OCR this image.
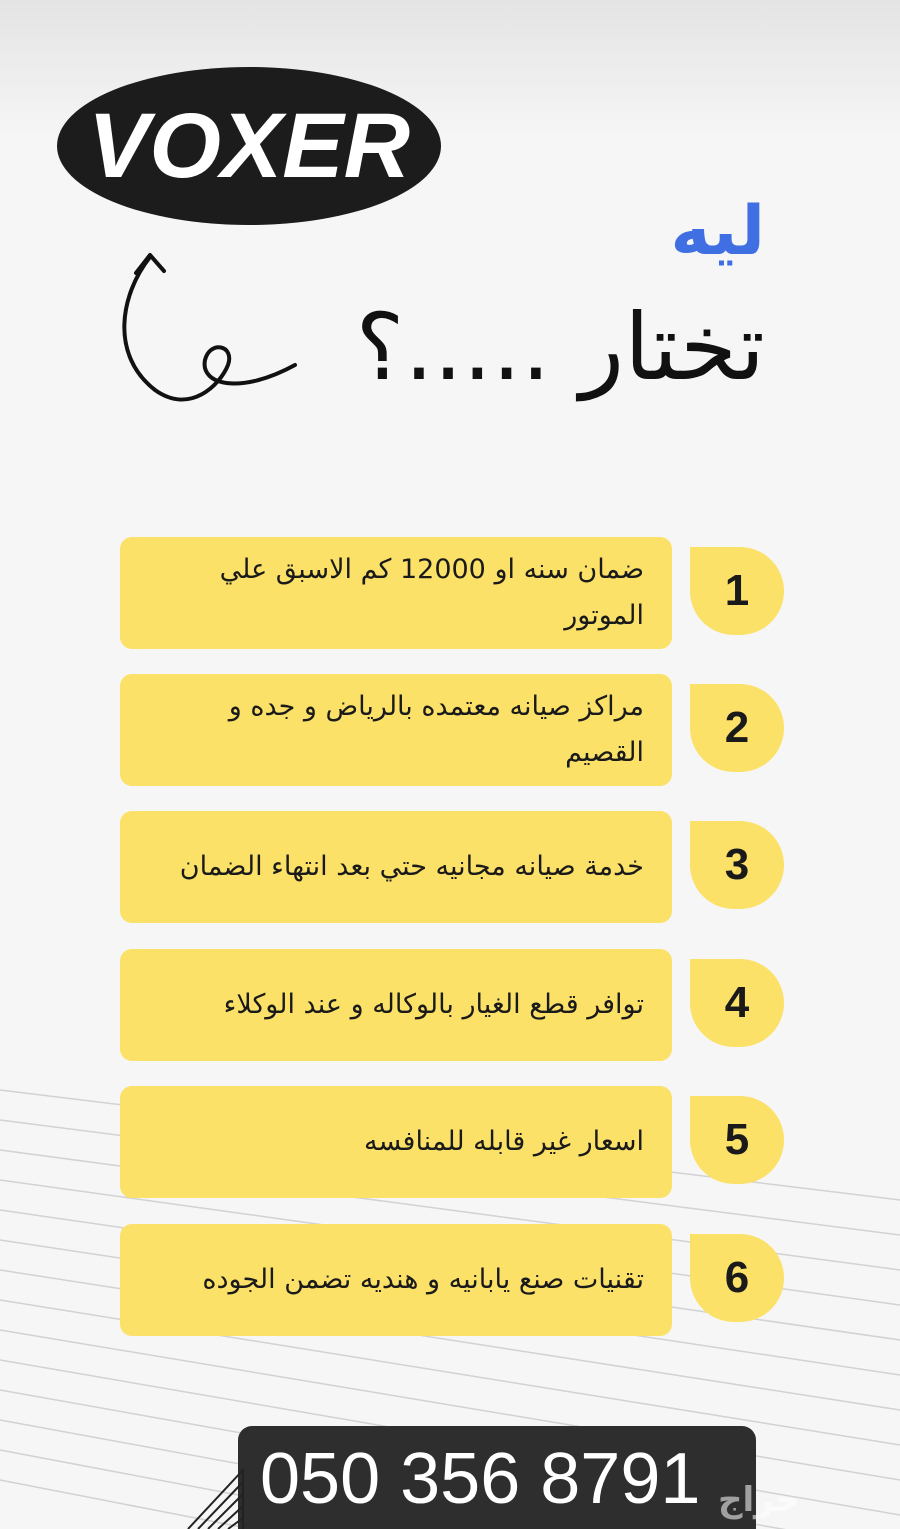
VOXER
ليه
تختار .....؟
ضمان سنه او 12000 كم الاسبق علي
الموتور
1
مراكز صيانه معتمده بالرياض و جده و
القصيم
2
خدمة صيانه مجانيه حتي بعد انتهاء الضمان	3
توافر قطع الغيار بالوكاله و عند الوكلاء	4
اسعار غير قابله للمنافسه	5
تقنيات صنع يابانيه و هنديه تضمن الجوده	6
050 356 8791 حراج
